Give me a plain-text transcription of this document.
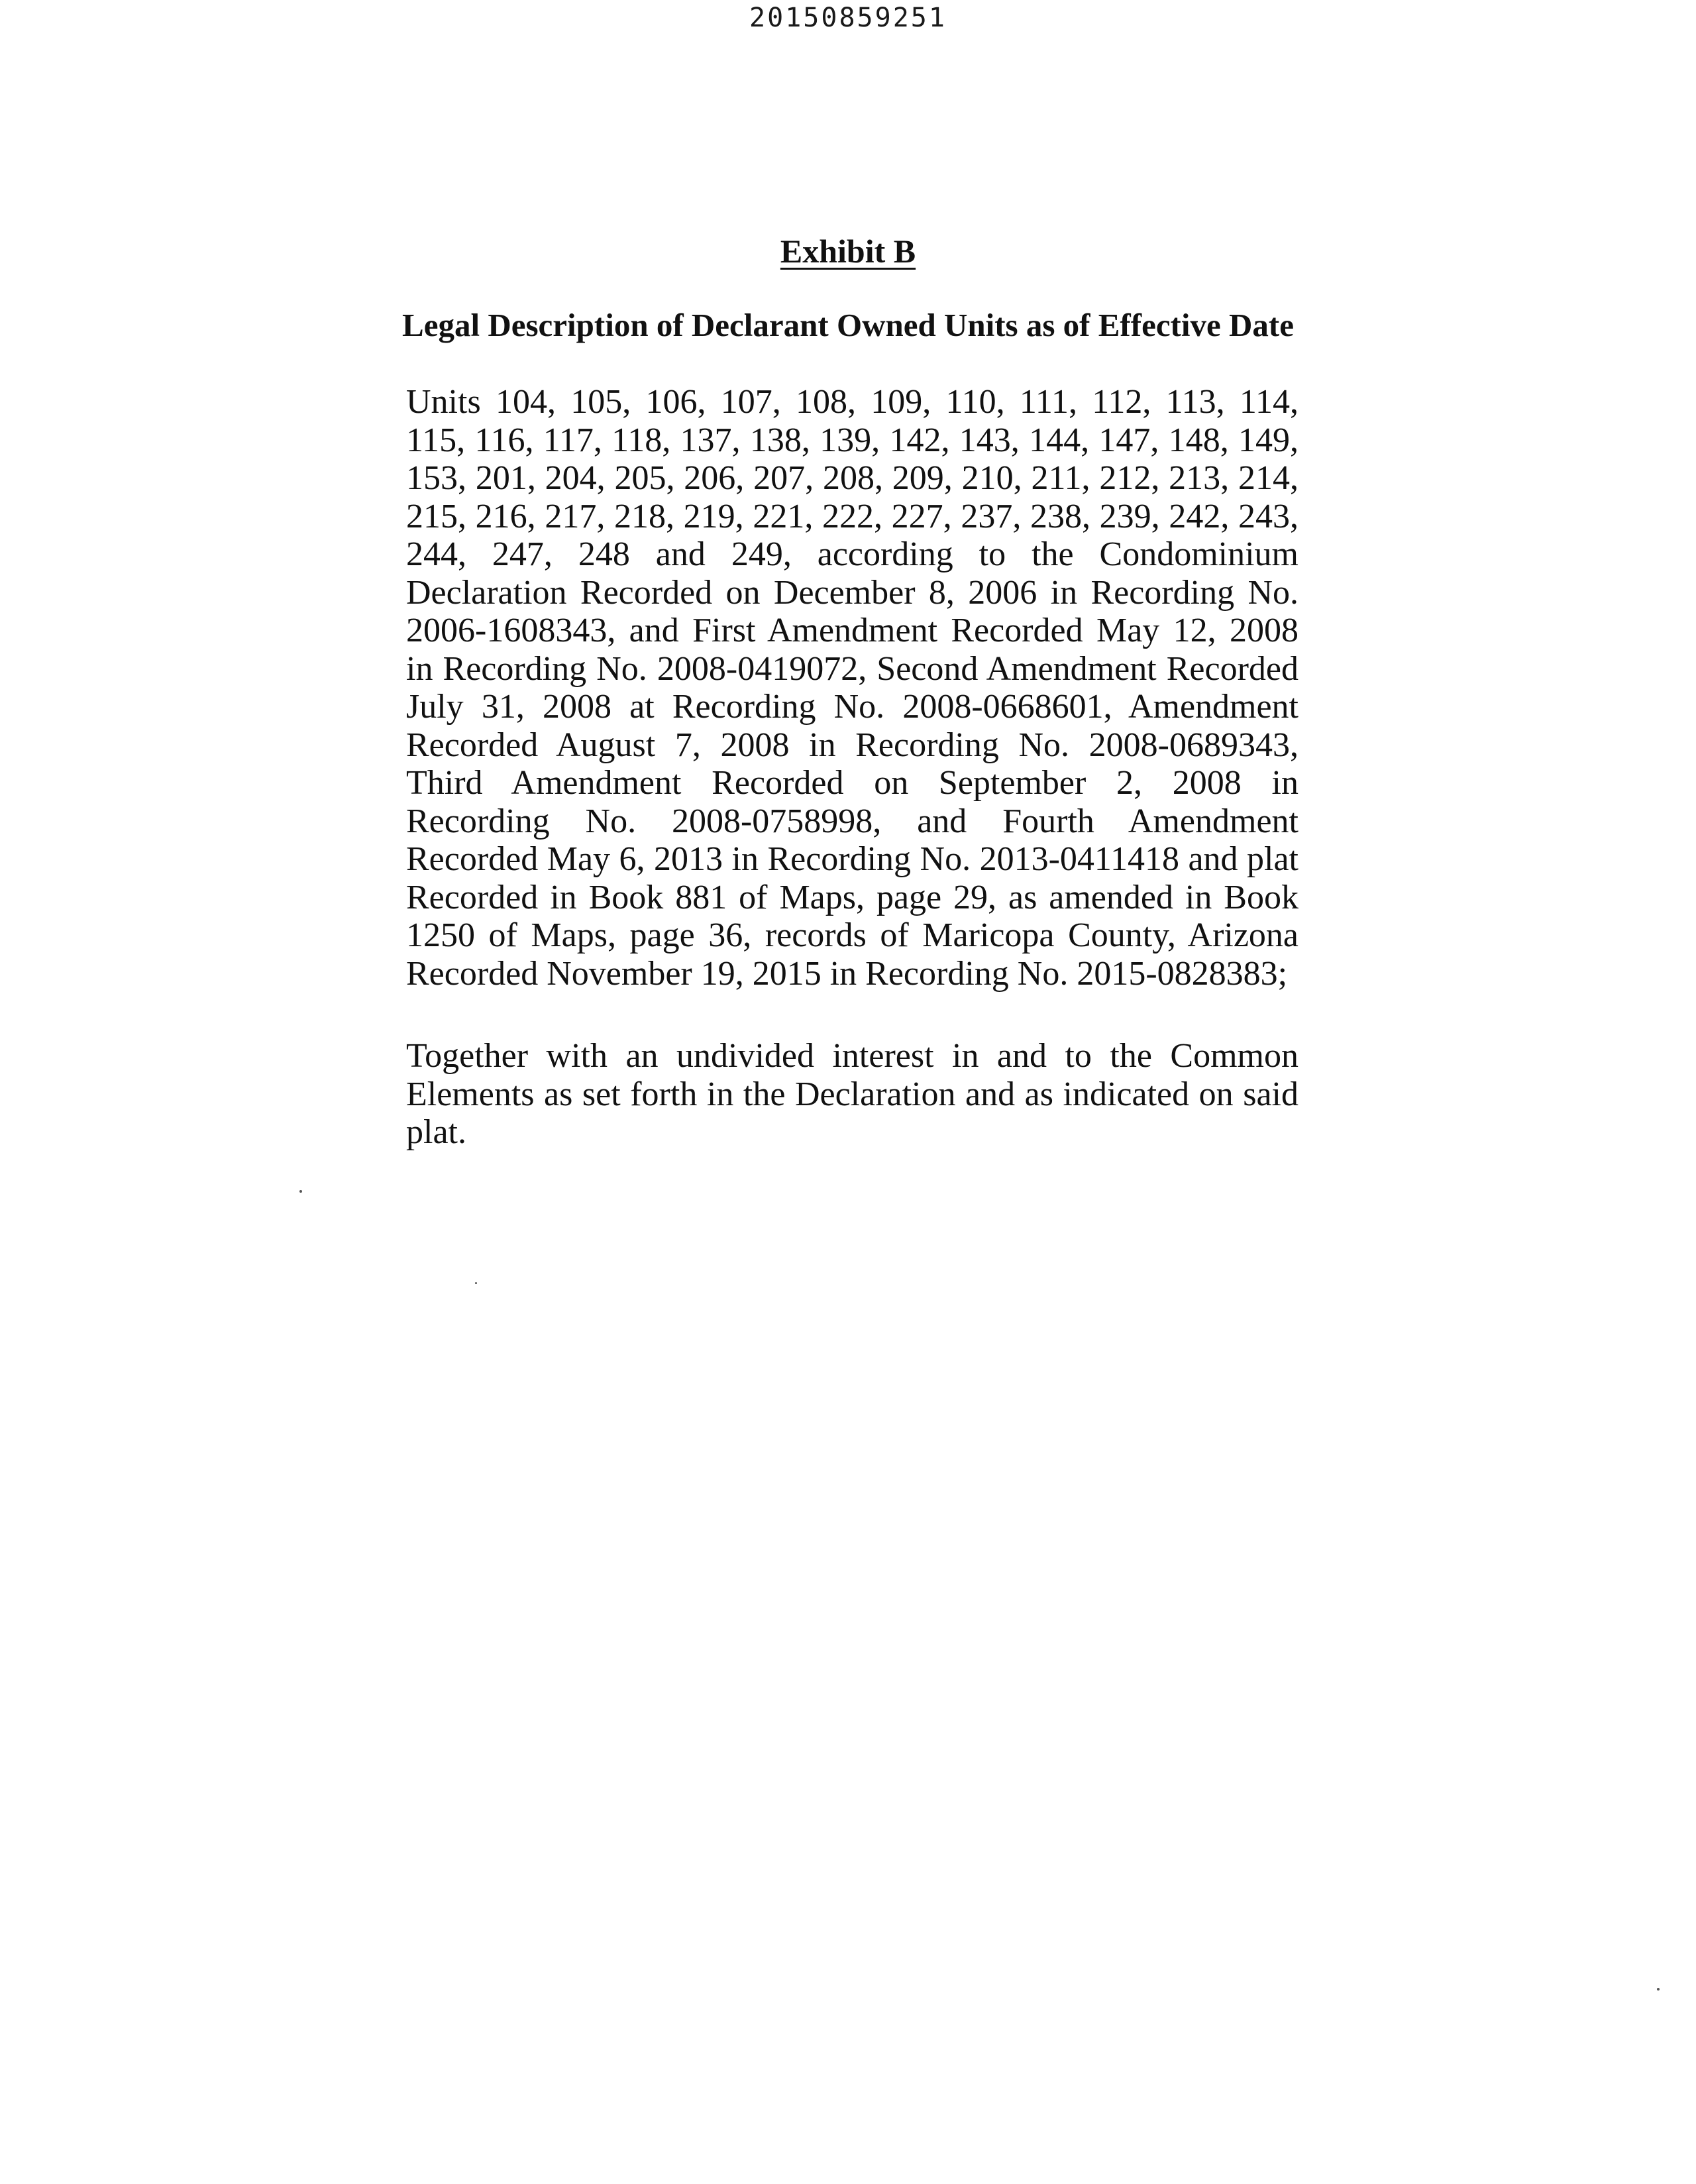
20150859251
Exhibit B
Legal Description of Declarant Owned Units as of Effective Date

Units 104, 105, 106, 107, 108, 109, 110, 111, 112, 113, 114, 115, 116, 117, 118, 137, 138, 139, 142, 143, 144, 147, 148, 149, 153, 201, 204, 205, 206, 207, 208, 209, 210, 211, 212, 213, 214, 215, 216, 217, 218, 219, 221, 222, 227, 237, 238, 239, 242, 243, 244, 247, 248 and 249, according to the Condominium Declaration Recorded on December 8, 2006 in Recording No. 2006-1608343, and First Amendment Recorded May 12, 2008 in Recording No. 2008-0419072, Second Amendment Recorded July 31, 2008 at Recording No. 2008-0668601, Amendment Recorded August 7, 2008 in Recording No. 2008-0689343, Third Amendment Recorded on September 2, 2008 in Recording No. 2008-0758998, and Fourth Amendment Recorded May 6, 2013 in Recording No. 2013-0411418 and plat Recorded in Book 881 of Maps, page 29, as amended in Book 1250 of Maps, page 36, records of Maricopa County, Arizona Recorded November 19, 2015 in Recording No. 2015-0828383;

Together with an undivided interest in and to the Common Elements as set forth in the Declaration and as indicated on said plat.
